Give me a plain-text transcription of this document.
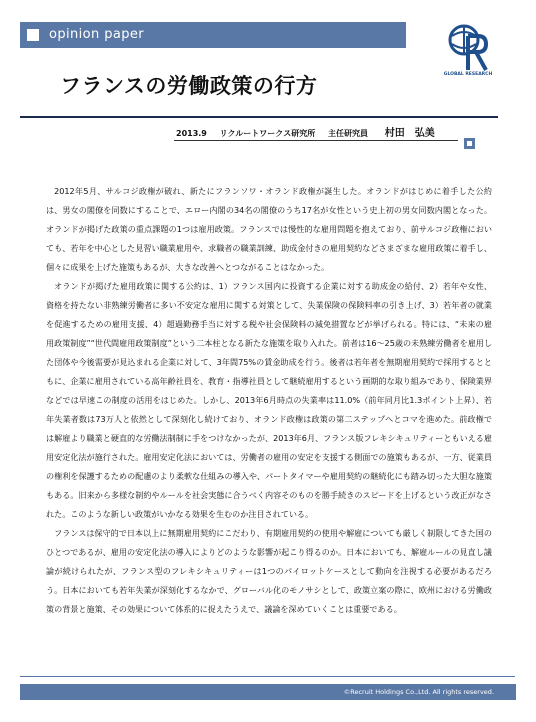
opinion paper
GLOBAL RESEARCH
フランスの労働政策の行方
2013.9 リクルートワークス研究所 主任研究員 村田　弘美

2012年5月、サルコジ政権が破れ、新たにフランソワ・オランド政権が誕生した。オランドがはじめに着手した公約は、男女の閣僚を同数にすることで、エロー内閣の34名の閣僚のうち17名が女性という史上初の男女同数内閣となった。オランドが掲げた政策の重点課題の1つは雇用政策。フランスでは慢性的な雇用問題を抱えており、前サルコジ政権においても、若年を中心とした見習い職業雇用や、求職者の職業訓練、助成金付きの雇用契約などさまざまな雇用政策に着手し、個々に成果を上げた施策もあるが、大きな改善へとつながることはなかった。

オランドが掲げた雇用政策に関する公約は、1）フランス国内に投資する企業に対する助成金の給付、2）若年や女性、資格を持たない非熟練労働者に多い不安定な雇用に関する対策として、失業保険の保険料率の引き上げ、3）若年者の就業を促進するための雇用支援、4）超過勤務手当に対する税や社会保険料の減免措置などが挙げられる。特には、“未来の雇用政策制度”“世代間雇用政策制度”という二本柱となる新たな施策を取り入れた。前者は16～25歳の未熟練労働者を雇用した団体や今後需要が見込まれる企業に対して、3年間75%の賃金助成を行う。後者は若年者を無期雇用契約で採用するとともに、企業に雇用されている高年齢社員を、教育・指導社員として継続雇用するという画期的な取り組みであり、保険業界などでは早速この制度の活用をはじめた。しかし、2013年6月時点の失業率は11.0%（前年同月比1.3ポイント上昇）、若年失業者数は73万人と依然として深刻化し続けており、オランド政権は政策の第二ステップへとコマを進めた。前政権では解雇より職業と硬直的な労働法制制に手をつけなかったが、2013年6月、フランス版フレキシキュリティーともいえる雇用安定化法が施行された。雇用安定化法においては、労働者の雇用の安定を支援する側面での施策もあるが、一方、従業員の権利を保護するための配慮のより柔軟な仕組みの導入や、パートタイマーや雇用契約の継続化にも踏み切った大胆な施策もある。旧来から多様な制約やルールを社会実態に合うべく内容そのものを勝手続きのスピードを上げるという改正がなされた。このような新しい政策がいかなる効果を生むのか注目されている。

フランスは保守的で日本以上に無期雇用契約にこだわり、有期雇用契約の使用や解雇についても厳しく制限してきた国のひとつであるが、雇用の安定化法の導入によりどのような影響が起こり得るのか。日本においても、解雇ルールの見直し議論が続けられたが、フランス型のフレキシキュリティーは1つのパイロットケースとして動向を注視する必要があるだろう。日本においても若年失業が深刻化するなかで、グローバル化のモノサシとして、政策立案の際に、欧州における労働政策の背景と施策、その効果について体系的に捉えたうえで、議論を深めていくことは重要である。

©Recruit Holdings Co.,Ltd. All rights reserved.
